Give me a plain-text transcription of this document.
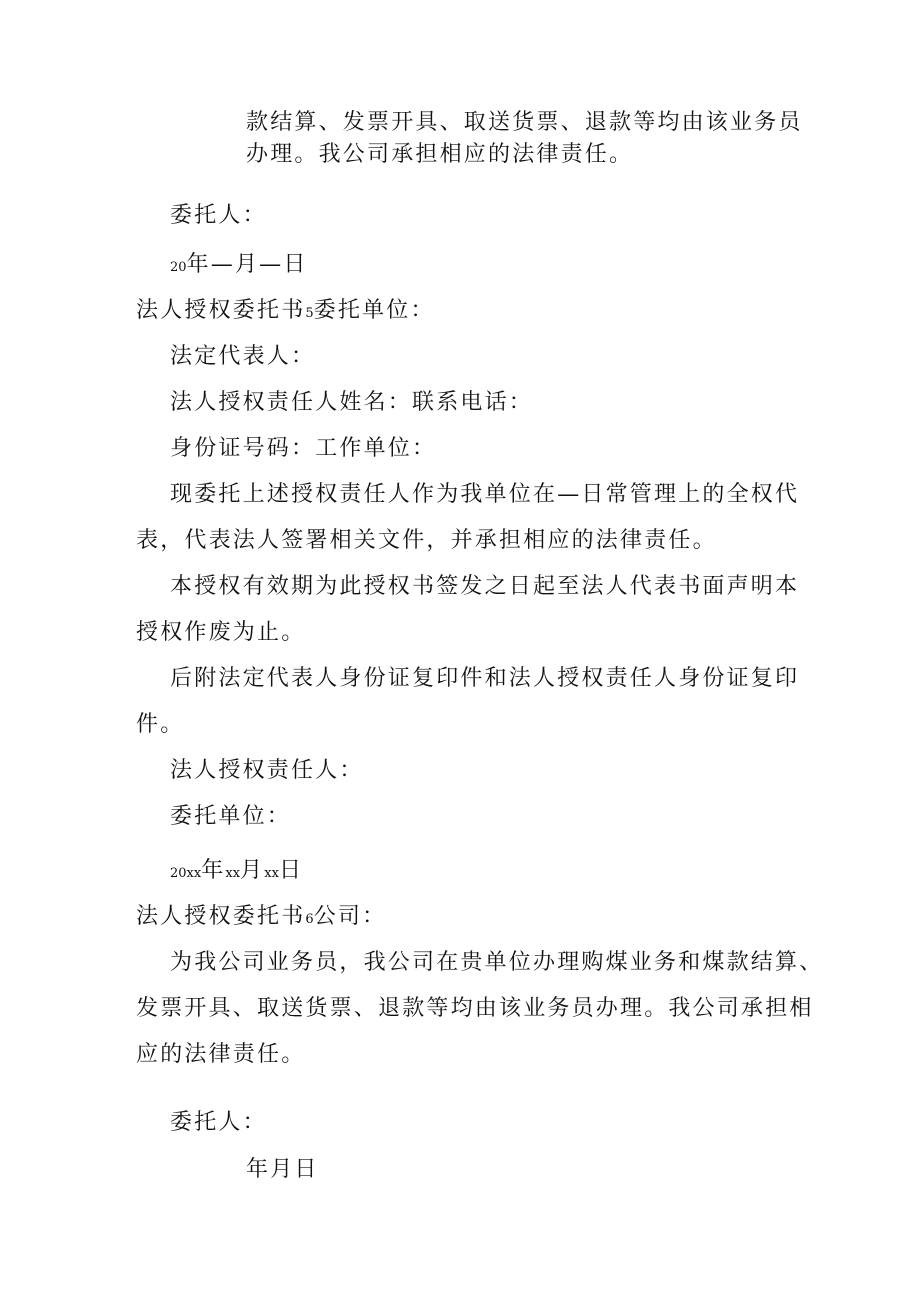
款结算、发票开具、取送货票、退款等均由该业务员
办理。我公司承担相应的法律责任。
委托人：
20年—月—日
法人授权委托书5委托单位：
法定代表人：
法人授权责任人姓名：联系电话：
身份证号码：工作单位：
现委托上述授权责任人作为我单位在—日常管理上的全权代
表，代表法人签署相关文件，并承担相应的法律责任。
本授权有效期为此授权书签发之日起至法人代表书面声明本
授权作废为止。
后附法定代表人身份证复印件和法人授权责任人身份证复印
件。
法人授权责任人：
委托单位：
20xx年xx月xx日
法人授权委托书6公司：
为我公司业务员，我公司在贵单位办理购煤业务和煤款结算、
发票开具、取送货票、退款等均由该业务员办理。我公司承担相
应的法律责任。
委托人：
年月日
